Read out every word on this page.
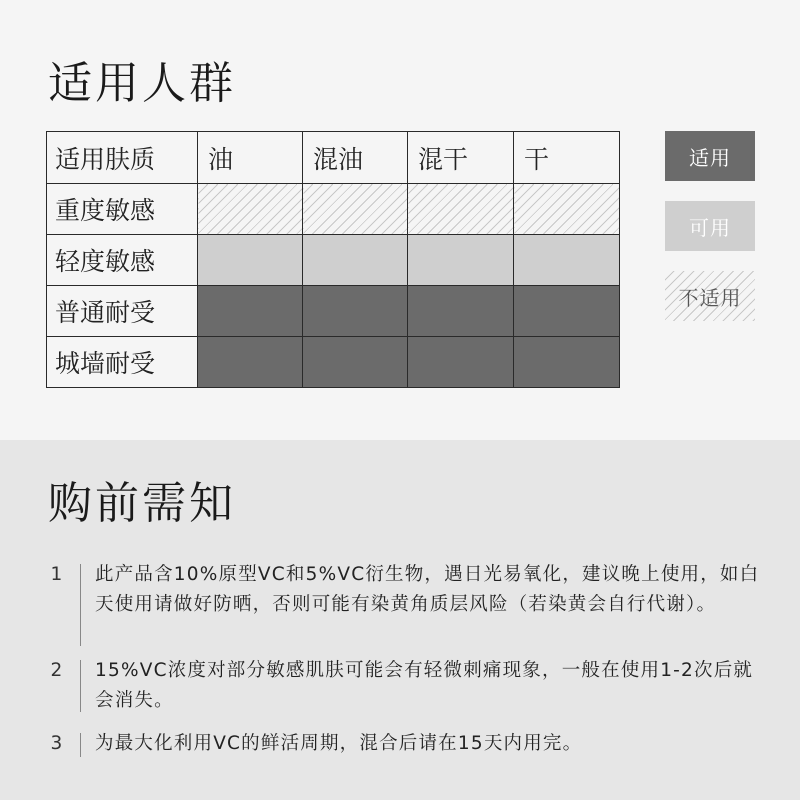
适用人群
适用肤质	油	混油	混干	干
重度敏感				
轻度敏感				
普通耐受				
城墙耐受				
适用
可用
不适用
购前需知
1 此产品含10%原型VC和5%VC衍生物，遇日光易氧化，建议晚上使用，如白天使用请做好防晒，否则可能有染黄角质层风险（若染黄会自行代谢）。
2 15%VC浓度对部分敏感肌肤可能会有轻微刺痛现象，一般在使用1-2次后就会消失。
3 为最大化利用VC的鲜活周期，混合后请在15天内用完。
